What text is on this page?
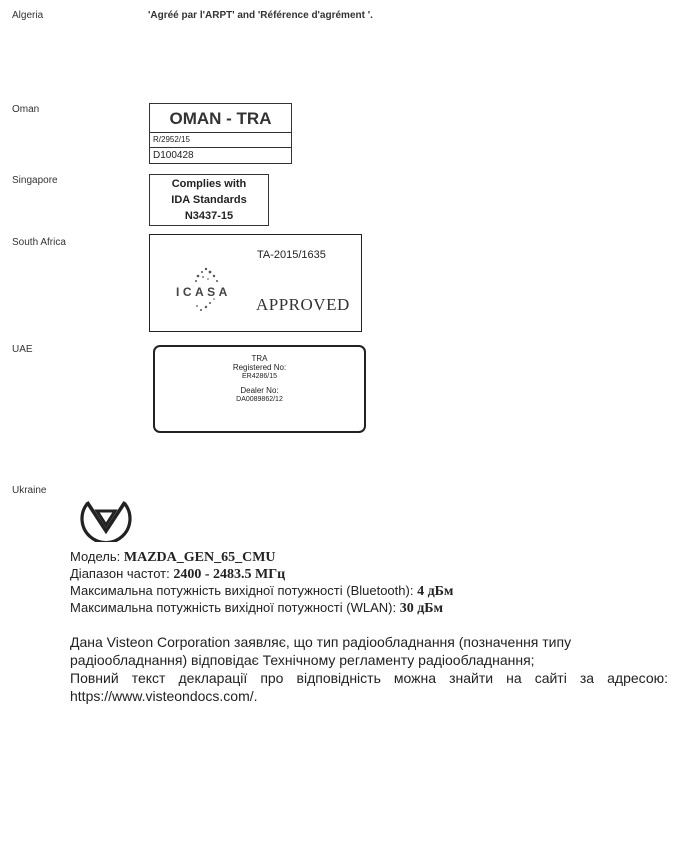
Algeria	'Agréé par l'ARPT' and 'Référence d'agrément '.
Oman	OMAN - TRA
R/2952/15
D100428
Singapore	Complies with
IDA Standards
N3437-15
South Africa
TA-2015/1635
ICASA
APPROVED
UAE
TRA
Registered No:
ER4286/15
Dealer No:
DA0089862/12
Ukraine
Модель: MAZDA_GEN_65_CMU
Діапазон частот: 2400 - 2483.5 МГц
Максимальна потужність вихідної потужності (Bluetooth): 4 дБм
Максимальна потужність вихідної потужності (WLAN): 30 дБм
Дана Visteon Corporation заявляє, що тип радіообладнання (позначення типу
радіообладнання) відповідає Технічному регламенту радіообладнання;
Повний текст декларації про відповідність можна знайти на сайті за адресою:
https://www.visteondocs.com/.
